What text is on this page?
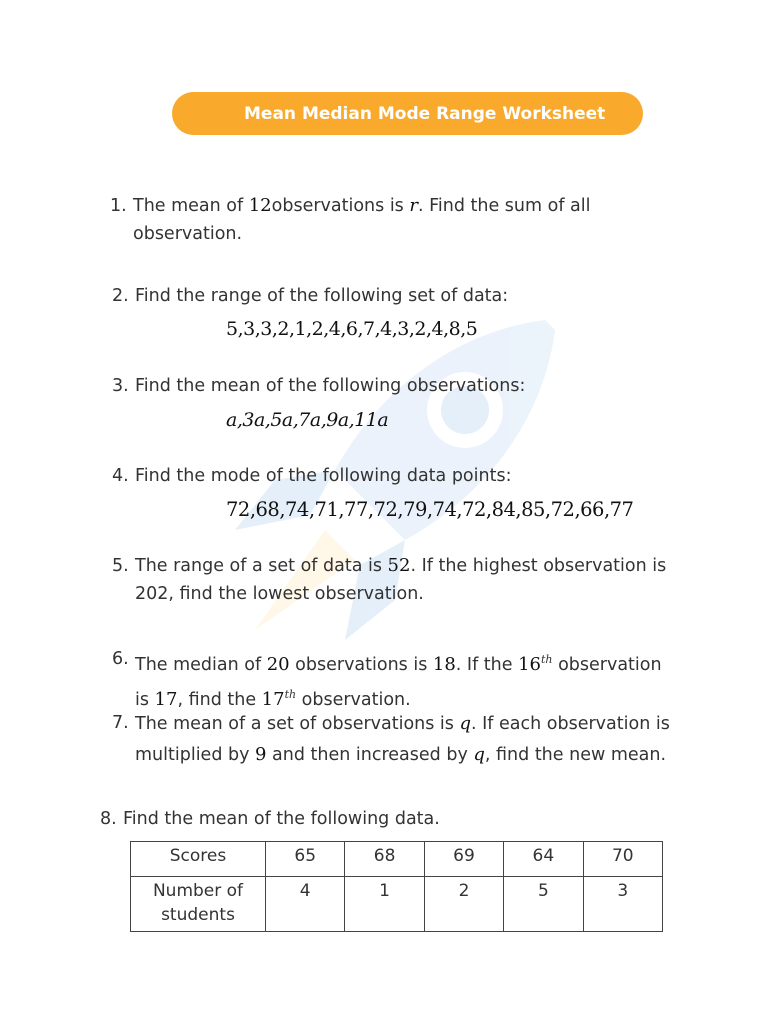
Mean Median Mode Range Worksheet
1. The mean of 12observations is r. Find the sum of all observation.
2. Find the range of the following set of data:
5,3,3,2,1,2,4,6,7,4,3,2,4,8,5
3. Find the mean of the following observations:
a,3a,5a,7a,9a,11a
4. Find the mode of the following data points:
72,68,74,71,77,72,79,74,72,84,85,72,66,77
5. The range of a set of data is 52. If the highest observation is 202, find the lowest observation.
6. The median of 20 observations is 18. If the 16th observation is 17, find the 17th observation.
7. The mean of a set of observations is q. If each observation is multiplied by 9 and then increased by q, find the new mean.
8. Find the mean of the following data.
Scores	65	68	69	64	70
Number of students	4	1	2	5	3
